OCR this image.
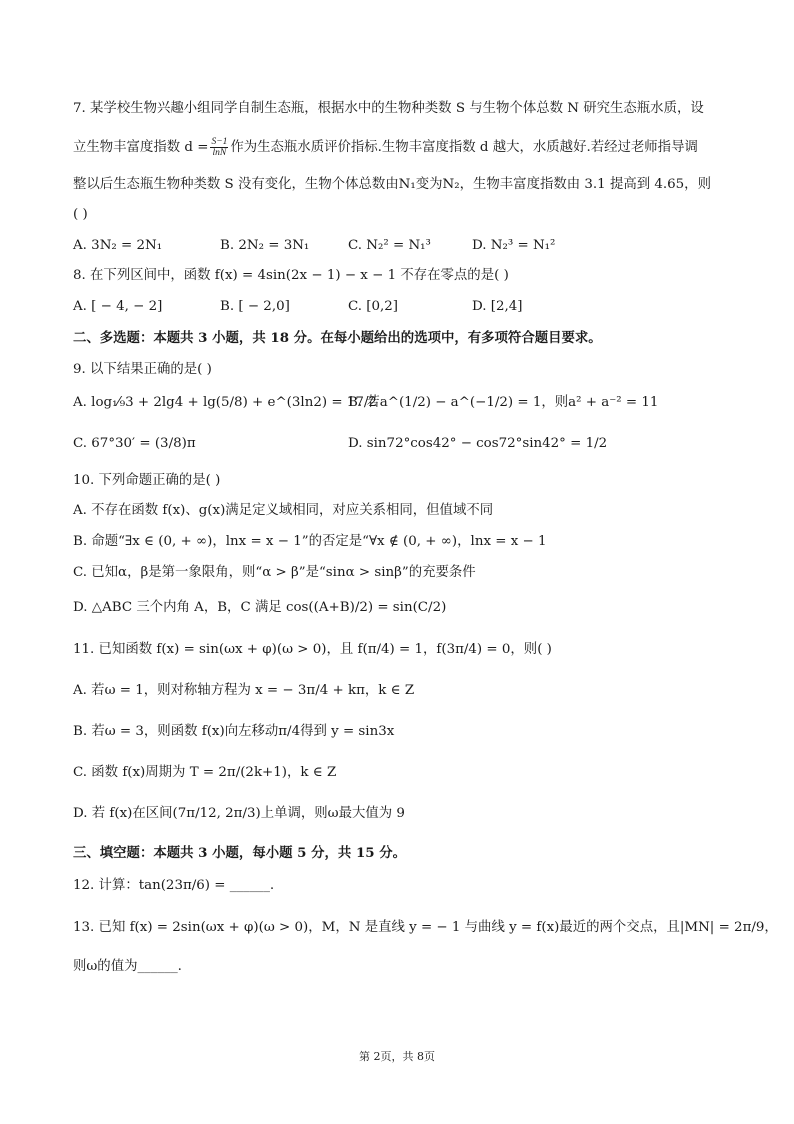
7. 某学校生物兴趣小组同学自制生态瓶，根据水中的生物种类数 S 与生物个体总数 N 研究生态瓶水质，设
立生物丰富度指数 $d = \frac{S-1}{\ln N}$ 作为生态瓶水质评价指标.生物丰富度指数 d 越大，水质越好.若经过老师指导调
整以后生态瓶生物种类数 S 没有变化，生物个体总数由N₁变为N₂，生物丰富度指数由 3.1 提高到 4.65，则
( )
A. 3N₂ = 2N₁	B. 2N₂ = 3N₁	C. N₂² = N₁³	D. N₂³ = N₁²
8. 在下列区间中，函数 f(x) = 4sin(2x − 1) − x − 1 不存在零点的是( )
A. [ − 4, − 2]	B. [ − 2,0]	C. [0,2]	D. [2,4]
二、多选题：本题共 3 小题，共 18 分。在每小题给出的选项中，有多项符合题目要求。
9. 以下结果正确的是( )
A. log₁⁄₉3 + 2lg4 + lg(5/8) + e^(3ln2) = 17/2
B. 若a^(1/2) − a^(−1/2) = 1，则a² + a⁻² = 11
C. 67°30′ = (3/8)π	D. sin72°cos42° − cos72°sin42° = 1/2
10. 下列命题正确的是( )
A. 不存在函数 f(x)、g(x)满足定义域相同，对应关系相同，但值域不同
B. 命题“∃x ∈ (0, + ∞)，lnx = x − 1”的否定是“∀x ∉ (0, + ∞)，lnx = x − 1
C. 已知α，β是第一象限角，则“α > β”是“sinα > sinβ”的充要条件
D. △ABC 三个内角 A，B，C 满足 cos((A+B)/2) = sin(C/2)
11. 已知函数 f(x) = sin(ωx + φ)(ω > 0)，且 f(π/4) = 1，f(3π/4) = 0，则( )
A. 若ω = 1，则对称轴方程为 x = − 3π/4 + kπ，k ∈ Z
B. 若ω = 3，则函数 f(x)向左移动π/4得到 y = sin3x
C. 函数 f(x)周期为 T = 2π/(2k+1)，k ∈ Z
D. 若 f(x)在区间(7π/12, 2π/3)上单调，则ω最大值为 9
三、填空题：本题共 3 小题，每小题 5 分，共 15 分。
12. 计算：tan(23π/6) = ______.
13. 已知 f(x) = 2sin(ωx + φ)(ω > 0)，M，N 是直线 y = − 1 与曲线 y = f(x)最近的两个交点，且|MN| = 2π/9，
则ω的值为______.
第 2页，共 8页
